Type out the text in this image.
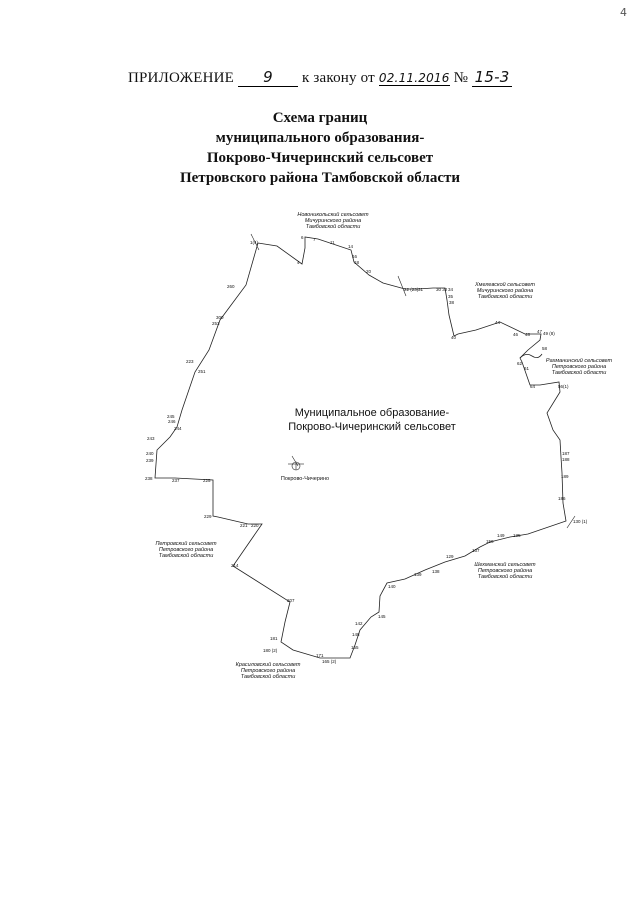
4
ПРИЛОЖЕНИЕ 9 к закону от 02.11.2016 № 15-3
Схема границ
муниципального образования-
Покрово-Чичеринский сельсовет
Петровского района Тамбовской области
1(4)
4
6 7
11
14
16
18
20
22 (23) 31	30 32 34
35
38
40
44
46 48
47 49 (8)
58
61
62
64	56(1)
187
188
189
186
130 (1)
135
149
150
137
129
138
139
140
145
142
148
155
171
165 (2)
180 (2)
181
207
214
221 220
229
225
238	237
239
240
243
244
246
245
251
223
253
300
260
Новоникольский сельсовет
Мичуринского района
Тамбовской области
Хмелевской сельсовет
Мичуринского района
Тамбовской области
Рахманинский сельсовет
Петровского района
Тамбовской области
Шехманский сельсовет
Петровского района
Тамбовской области
Петровский сельсовет
Петровского района
Тамбовской области
Красиловский сельсовет
Петровского района
Тамбовской области
Муниципальное образование-
Покрово-Чичеринский сельсовет
Покрово-Чичерино
